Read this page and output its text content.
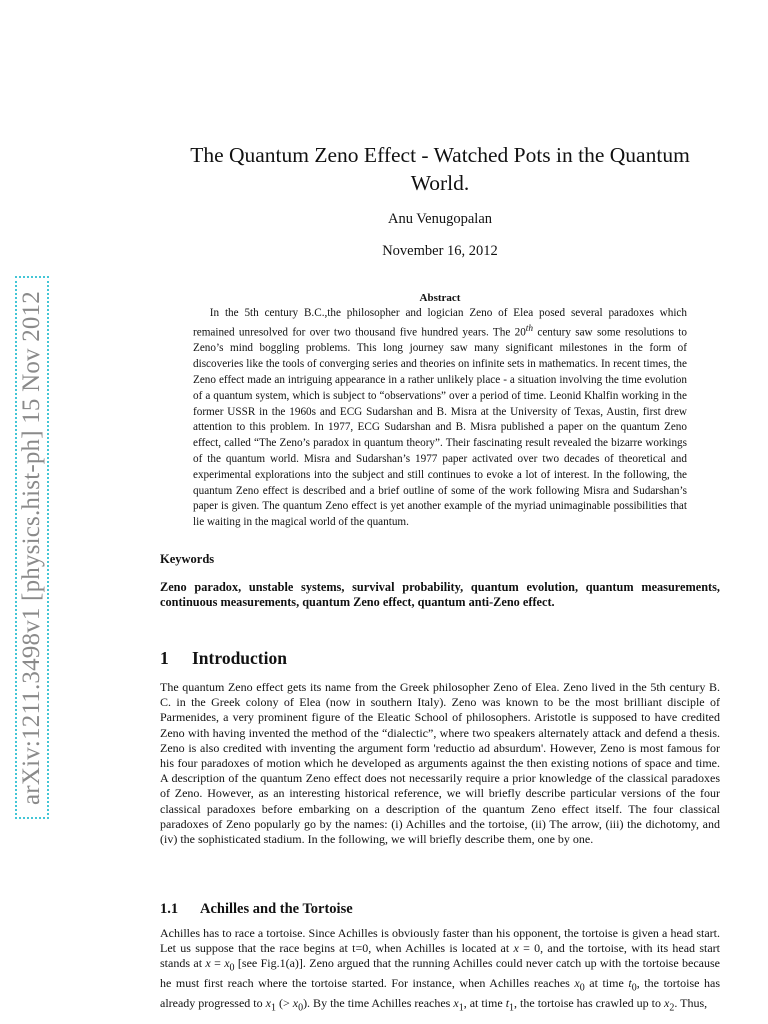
arXiv:1211.3498v1 [physics.hist-ph] 15 Nov 2012
The Quantum Zeno Effect - Watched Pots in the Quantum World.
Anu Venugopalan
November 16, 2012
Abstract

In the 5th century B.C.,the philosopher and logician Zeno of Elea posed several paradoxes which remained unresolved for over two thousand five hundred years. The 20th century saw some resolutions to Zeno’s mind boggling problems. This long journey saw many significant milestones in the form of discoveries like the tools of converging series and theories on infinite sets in mathematics. In recent times, the Zeno effect made an intriguing appearance in a rather unlikely place - a situation involving the time evolution of a quantum system, which is subject to “observations” over a period of time. Leonid Khalfin working in the former USSR in the 1960s and ECG Sudarshan and B. Misra at the University of Texas, Austin, first drew attention to this problem. In 1977, ECG Sudarshan and B. Misra published a paper on the quantum Zeno effect, called “The Zeno’s paradox in quantum theory”. Their fascinating result revealed the bizarre workings of the quantum world. Misra and Sudarshan’s 1977 paper activated over two decades of theoretical and experimental explorations into the subject and still continues to evoke a lot of interest. In the following, the quantum Zeno effect is described and a brief outline of some of the work following Misra and Sudarshan’s paper is given. The quantum Zeno effect is yet another example of the myriad unimaginable possibilities that lie waiting in the magical world of the quantum.

Keywords

Zeno paradox, unstable systems, survival probability, quantum evolution, quantum measurements, continuous measurements, quantum Zeno effect, quantum anti-Zeno effect.

1 Introduction

The quantum Zeno effect gets its name from the Greek philosopher Zeno of Elea. Zeno lived in the 5th century B. C. in the Greek colony of Elea (now in southern Italy). Zeno was known to be the most brilliant disciple of Parmenides, a very prominent figure of the Eleatic School of philosophers. Aristotle is supposed to have credited Zeno with having invented the method of the “dialectic”, where two speakers alternately attack and defend a thesis. Zeno is also credited with inventing the argument form 'reductio ad absurdum'. However, Zeno is most famous for his four paradoxes of motion which he developed as arguments against the then existing notions of space and time. A description of the quantum Zeno effect does not necessarily require a prior knowledge of the classical paradoxes of Zeno. However, as an interesting historical reference, we will briefly describe particular versions of the four classical paradoxes before embarking on a description of the quantum Zeno effect itself. The four classical paradoxes of Zeno popularly go by the names: (i) Achilles and the tortoise, (ii) The arrow, (iii) the dichotomy, and (iv) the sophisticated stadium. In the following, we will briefly describe them, one by one.

1.1 Achilles and the Tortoise

Achilles has to race a tortoise. Since Achilles is obviously faster than his opponent, the tortoise is given a head start. Let us suppose that the race begins at t=0, when Achilles is located at x = 0, and the tortoise, with its head start stands at $x = x_0$ [see Fig.1(a)]. Zeno argued that the running Achilles could never catch up with the tortoise because he must first reach where the tortoise started. For instance, when Achilles reaches $x_0$ at time $t_0$, the tortoise has already progressed to $x_1$ (> $x_0$). By the time Achilles reaches $x_1$, at time $t_1$, the tortoise has crawled up to $x_2$. Thus,
